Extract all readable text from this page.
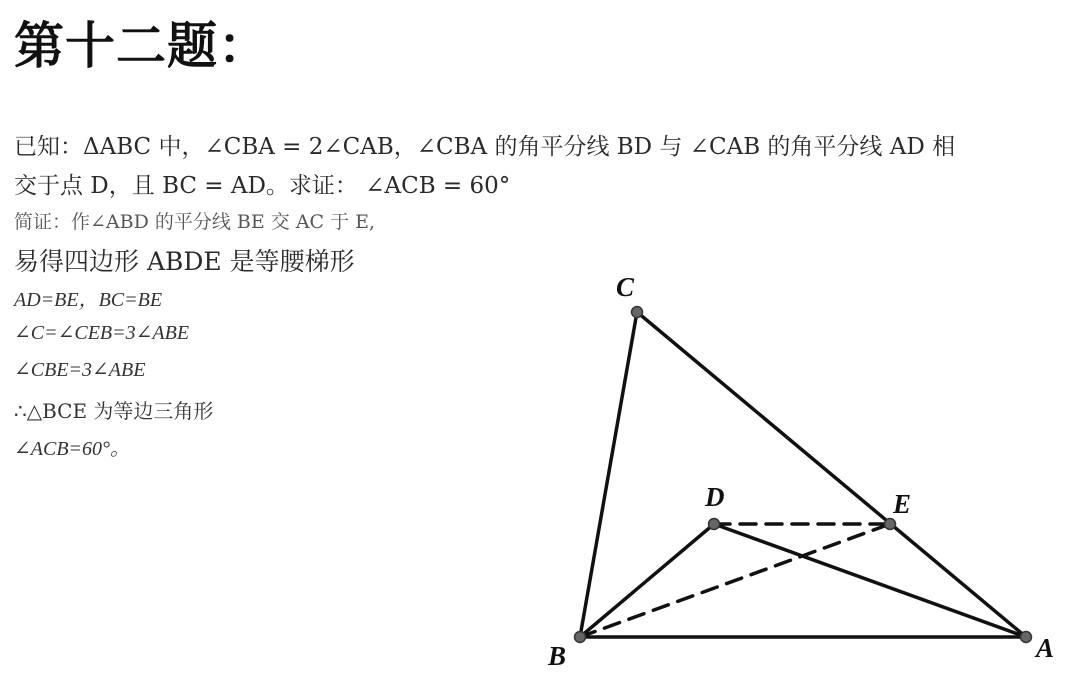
第十二题：
已知：ΔABC 中，∠CBA = 2∠CAB，∠CBA 的角平分线 BD 与 ∠CAB 的角平分线 AD 相
交于点 D，且 BC = AD。求证： ∠ACB = 60°
简证：作∠ABD 的平分线 BE 交 AC 于 E,
易得四边形 ABDE 是等腰梯形
AD=BE，BC=BE
∠C=∠CEB=3∠ABE
∠CBE=3∠ABE
∴△BCE 为等边三角形
∠ACB=60°。
A
B
C
D	E
